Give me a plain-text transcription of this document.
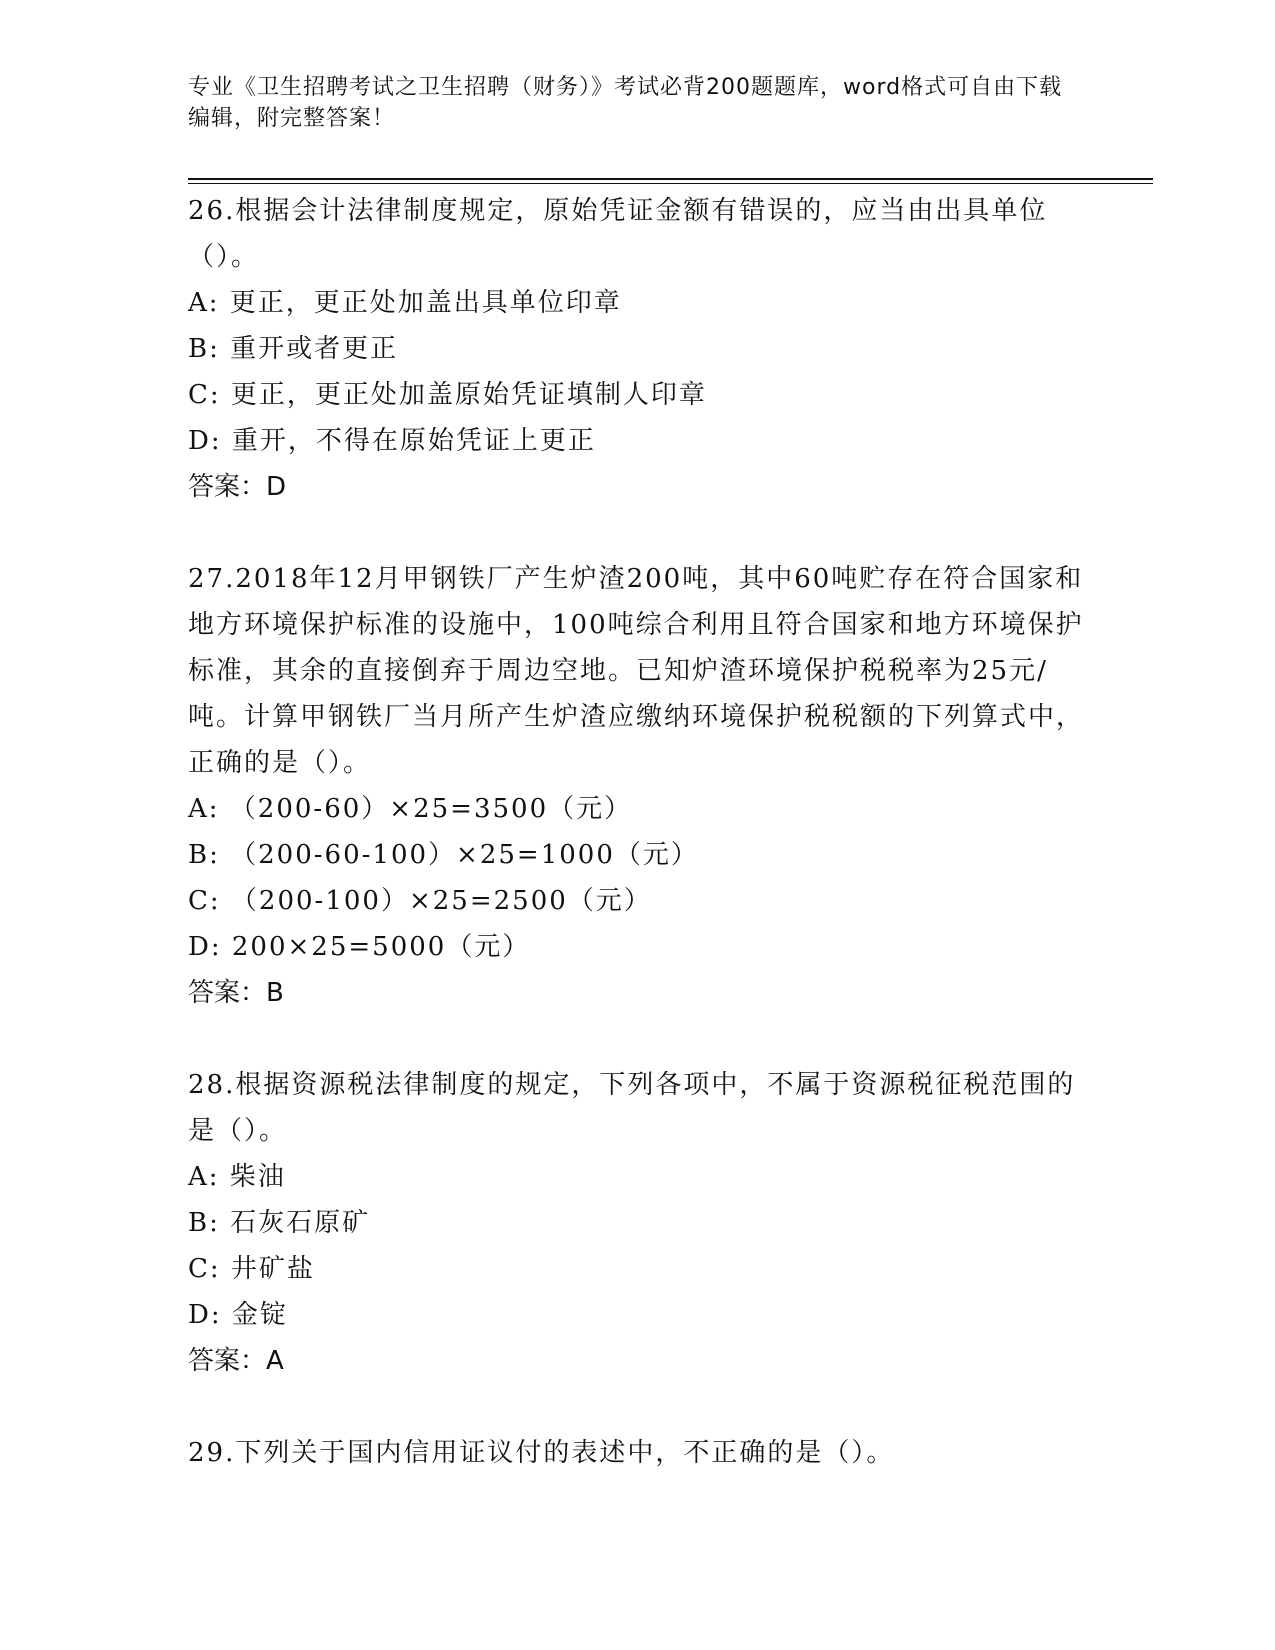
专业《卫生招聘考试之卫生招聘（财务）》考试必背200题题库，word格式可自由下载编辑，附完整答案！

26.根据会计法律制度规定，原始凭证金额有错误的，应当由出具单位（）。

A: 更正，更正处加盖出具单位印章

B: 重开或者更正

C: 更正，更正处加盖原始凭证填制人印章

D: 重开，不得在原始凭证上更正

答案：D

27.2018年12月甲钢铁厂产生炉渣200吨，其中60吨贮存在符合国家和地方环境保护标准的设施中，100吨综合利用且符合国家和地方环境保护标准，其余的直接倒弃于周边空地。已知炉渣环境保护税税率为25元/吨。计算甲钢铁厂当月所产生炉渣应缴纳环境保护税税额的下列算式中，正确的是（）。

A: （200-60）×25=3500（元）

B: （200-60-100）×25=1000（元）

C: （200-100）×25=2500（元）

D: 200×25=5000（元）

答案：B

28.根据资源税法律制度的规定，下列各项中，不属于资源税征税范围的是（）。

A: 柴油

B: 石灰石原矿

C: 井矿盐

D: 金锭

答案：A

29.下列关于国内信用证议付的表述中，不正确的是（）。
